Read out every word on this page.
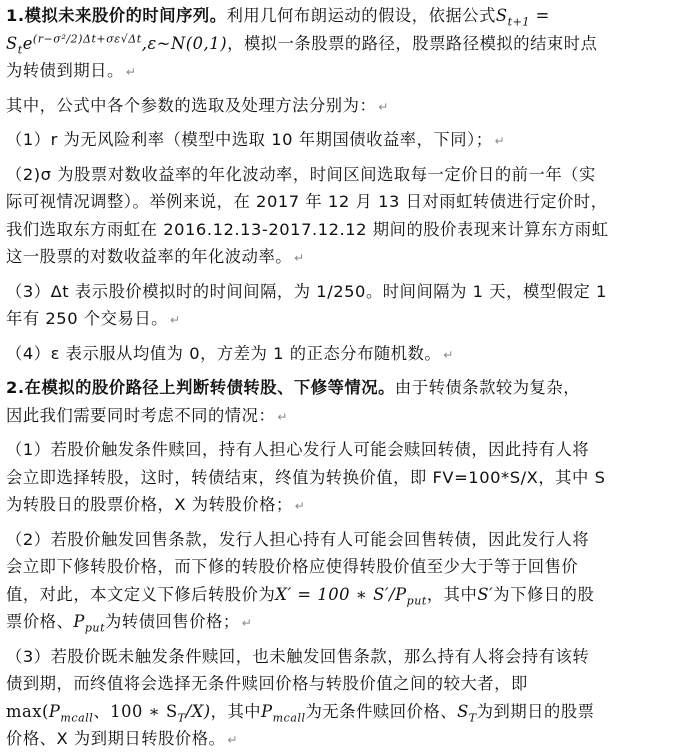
1.模拟未来股价的时间序列。利用几何布朗运动的假设，依据公式$S_{t+1}$ =

$S_te^{(r-\sigma^2/2)\Delta t+\sigma\varepsilon√\Delta t},\varepsilon\sim N(0,1)$，模拟一条股票的路径，股票路径模拟的结束时点

为转债到期日。 ↵

其中，公式中各个参数的选取及处理方法分别为： ↵

（1）r 为无风险利率（模型中选取 10 年期国债收益率，下同）； ↵

（2)σ 为股票对数收益率的年化波动率，时间区间选取每一定价日的前一年（实

际可视情况调整）。举例来说，在 2017 年 12 月 13 日对雨虹转债进行定价时，

我们选取东方雨虹在 2016.12.13-2017.12.12 期间的股价表现来计算东方雨虹

这一股票的对数收益率的年化波动率。 ↵

（3）Δt 表示股价模拟时的时间间隔，为 1/250。时间间隔为 1 天，模型假定 1

年有 250 个交易日。 ↵

（4）ε 表示服从均值为 0，方差为 1 的正态分布随机数。 ↵

2.在模拟的股价路径上判断转债转股、下修等情况。由于转债条款较为复杂，

因此我们需要同时考虑不同的情况： ↵

（1）若股价触发条件赎回，持有人担心发行人可能会赎回转债，因此持有人将

会立即选择转股，这时，转债结束，终值为转换价值，即 FV=100*S/X，其中 S

为转股日的股票价格，X 为转股价格； ↵

（2）若股价触发回售条款，发行人担心持有人可能会回售转债，因此发行人将

会立即下修转股价格，而下修的转股价格应使得转股价值至少大于等于回售价

值，对此，本文定义下修后转股价为X′ = 100 ∗ $S'/P_{put}$，其中S′为下修日的股

票价格、$P_{put}$为转债回售价格； ↵

（3）若股价既未触发条件赎回，也未触发回售条款，那么持有人将会持有该转

债到期，而终值将会选择无条件赎回价格与转股价值之间的较大者，即

$\max(P_{mcall}$、100 ∗ $S_T/X$)，其中$P_{mcall}$为无条件赎回价格、$S_T$为到期日的股票

价格、X 为到期日转股价格。 ↵
